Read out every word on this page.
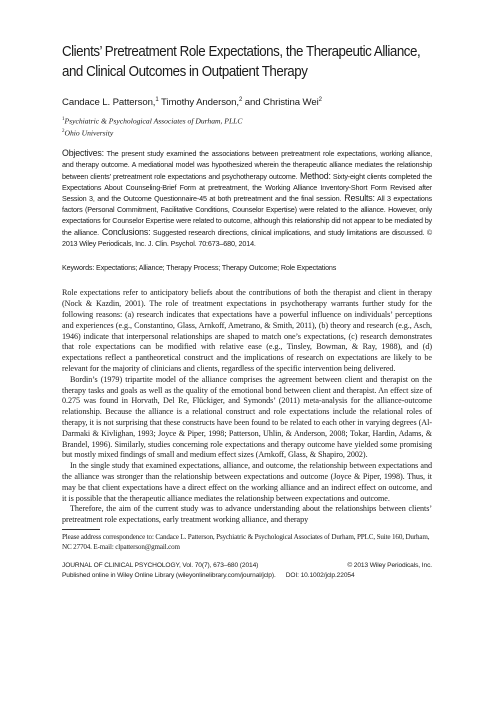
Clients’ Pretreatment Role Expectations, the Therapeutic Alliance,
and Clinical Outcomes in Outpatient Therapy
Candace L. Patterson,$^1$ Timothy Anderson,$^2$ and Christina Wei$^2$
$^1$Psychiatric & Psychological Associates of Durham, PLLC
$^2$Ohio University
Objectives: The present study examined the associations between pretreatment role expectations, working alliance, and therapy outcome. A mediational model was hypothesized wherein the therapeutic alliance mediates the relationship between clients’ pretreatment role expectations and psychotherapy outcome. Method: Sixty-eight clients completed the Expectations About Counseling-Brief Form at pretreatment, the Working Alliance Inventory-Short Form Revised after Session 3, and the Outcome Questionnaire-45 at both pretreatment and the final session. Results: All 3 expectations factors (Personal Commitment, Facilitative Conditions, Counselor Expertise) were related to the alliance. However, only expectations for Counselor Expertise were related to outcome, although this relationship did not appear to be mediated by the alliance. Conclusions: Suggested research directions, clinical implications, and study limitations are discussed. © 2013 Wiley Periodicals, Inc. J. Clin. Psychol. 70:673–680, 2014.
Keywords: Expectations; Alliance; Therapy Process; Therapy Outcome; Role Expectations

Role expectations refer to anticipatory beliefs about the contributions of both the therapist and client in therapy (Nock & Kazdin, 2001). The role of treatment expectations in psychotherapy warrants further study for the following reasons: (a) research indicates that expectations have a powerful influence on individuals’ perceptions and experiences (e.g., Constantino, Glass, Arnkoff, Ametrano, & Smith, 2011), (b) theory and research (e.g., Asch, 1946) indicate that interpersonal relationships are shaped to match one’s expectations, (c) research demonstrates that role expectations can be modified with relative ease (e.g., Tinsley, Bowman, & Ray, 1988), and (d) expectations reflect a pantheoretical construct and the implications of research on expectations are likely to be relevant for the majority of clinicians and clients, regardless of the specific intervention being delivered.

Bordin’s (1979) tripartite model of the alliance comprises the agreement between client and therapist on the therapy tasks and goals as well as the quality of the emotional bond between client and therapist. An effect size of 0.275 was found in Horvath, Del Re, Flückiger, and Symonds’ (2011) meta-analysis for the alliance-outcome relationship. Because the alliance is a relational construct and role expectations include the relational roles of therapy, it is not surprising that these constructs have been found to be related to each other in varying degrees (Al-Darmaki & Kivlighan, 1993; Joyce & Piper, 1998; Patterson, Uhlin, & Anderson, 2008; Tokar, Hardin, Adams, & Brandel, 1996). Similarly, studies concerning role expectations and therapy outcome have yielded some promising but mostly mixed findings of small and medium effect sizes (Arnkoff, Glass, & Shapiro, 2002).

In the single study that examined expectations, alliance, and outcome, the relationship between expectations and the alliance was stronger than the relationship between expectations and outcome (Joyce & Piper, 1998). Thus, it may be that client expectations have a direct effect on the working alliance and an indirect effect on outcome, and it is possible that the therapeutic alliance mediates the relationship between expectations and outcome.

Therefore, the aim of the current study was to advance understanding about the relationships between clients’ pretreatment role expectations, early treatment working alliance, and therapy

Please address correspondence to: Candace L. Patterson, Psychiatric & Psychological Associates of Durham, PPLC, Suite 160, Durham, NC 27704. E-mail: clpatterson@gmail.com
JOURNAL OF CLINICAL PSYCHOLOGY, Vol. 70(7), 673–680 (2014)	© 2013 Wiley Periodicals, Inc.
Published online in Wiley Online Library (wileyonlinelibrary.com/journal/jclp). DOI: 10.1002/jclp.22054
